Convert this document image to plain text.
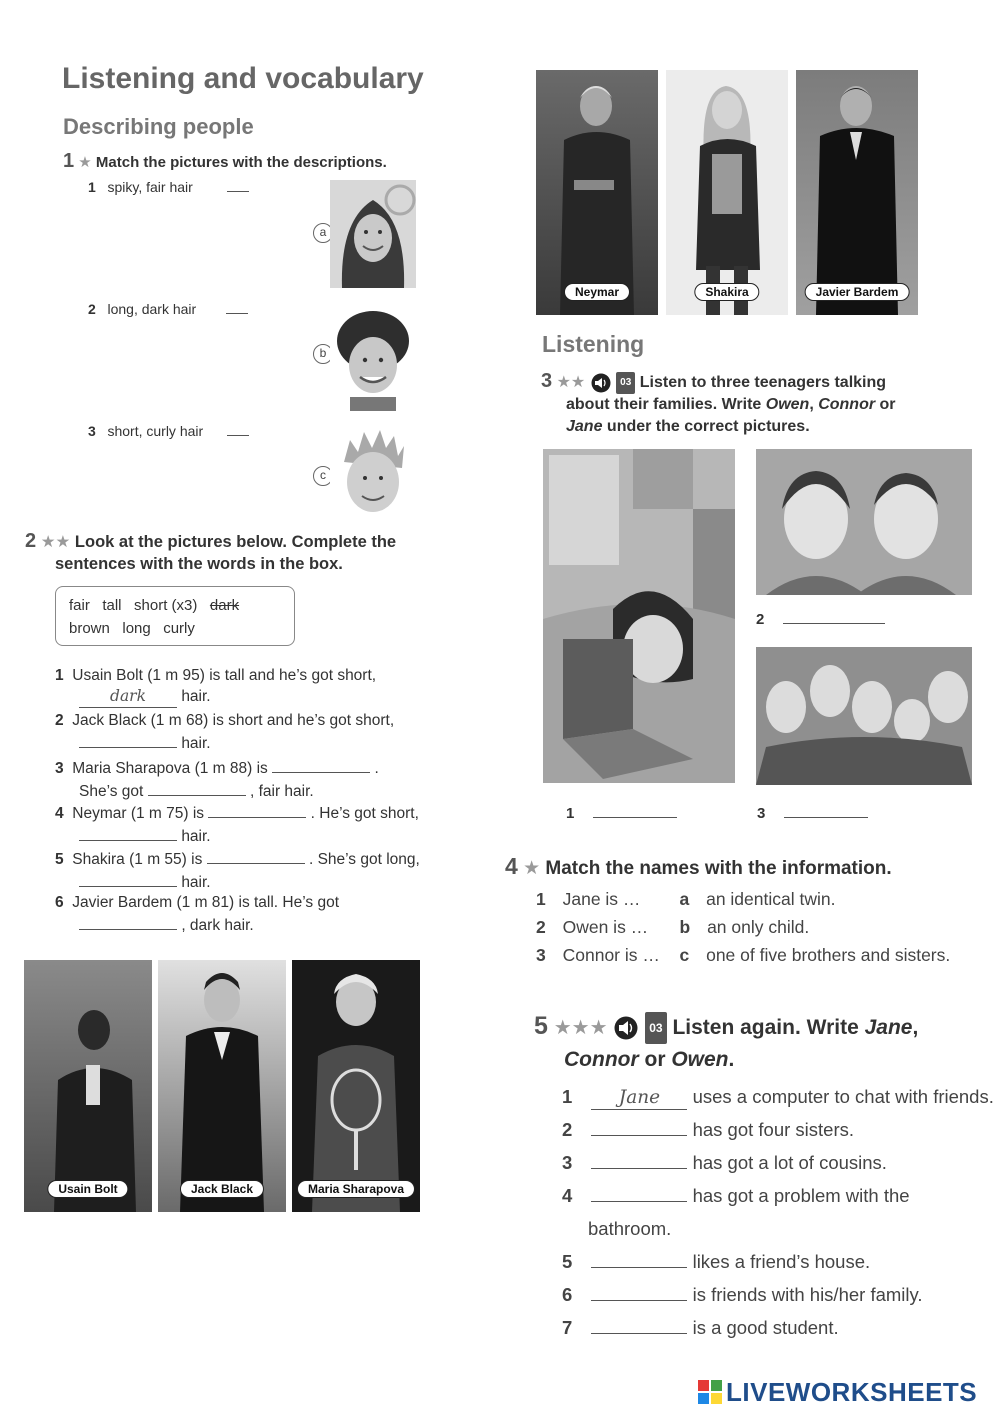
Listening and vocabulary
Describing people
1 ★ Match the pictures with the descriptions.
1 spiky, fair hair
2 long, dark hair
3 short, curly hair
a
b
c
2 ★★ Look at the pictures below. Complete the
sentences with the words in the box.
fair   tall   short (x3) dark
brown   long   curly
1 Usain Bolt (1 m 95) is tall and he’s got short,
dark hair.
2 Jack Black (1 m 68) is short and he’s got short,
hair.
3 Maria Sharapova (1 m 88) is	.
She’s got	, fair hair.
4 Neymar (1 m 75) is	. He’s got short,
hair.
5 Shakira (1 m 55) is	. She’s got long,
hair.
6 Javier Bardem (1 m 81) is tall. He’s got
, dark hair.
Usain Bolt	Jack Black	Maria Sharapova
Neymar	Shakira	Javier Bardem
Listening
3 ★★	03 Listen to three teenagers talking
about their families. Write Owen, Connor or
Jane under the correct pictures.
2
1	3
4 ★ Match the names with the information.
1 Jane is … a an identical twin.
2 Owen is … b an only child.
3 Connor is … c one of five brothers and sisters.
5 ★★★	03 Listen again. Write Jane,
Connor or Owen.
1	Jane uses a computer to chat with friends.
2	has got four sisters.
3	has got a lot of cousins.
4	has got a problem with the
bathroom.
5	likes a friend’s house.
6	is friends with his/her family.
7	is a good student.
LIVEWORKSHEETS
